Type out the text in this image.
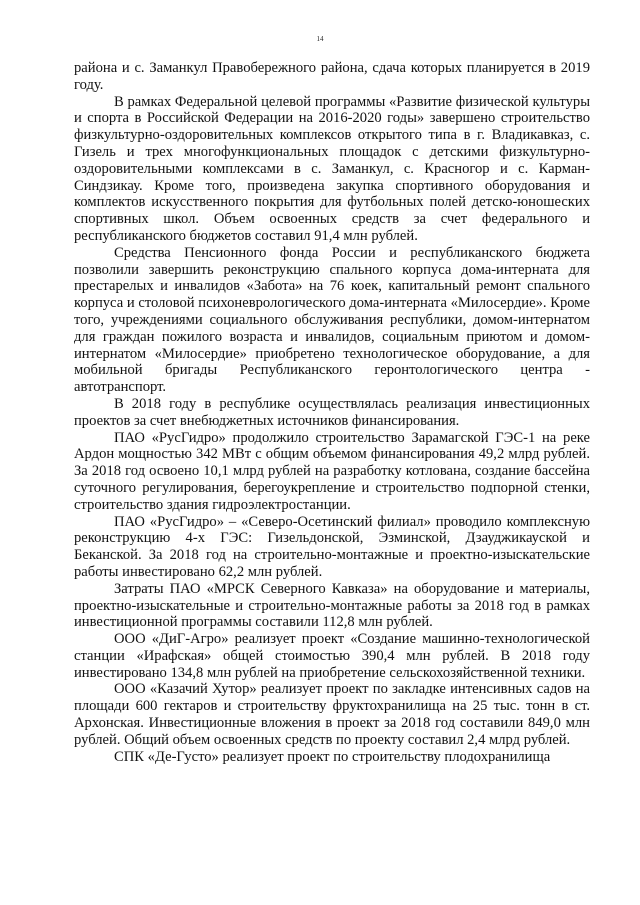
14

района и с. Заманкул Правобережного района, сдача которых планируется в 2019 году.

В рамках Федеральной целевой программы «Развитие физической культуры и спорта в Российской Федерации на 2016-2020 годы» завершено строительство физкультурно-оздоровительных комплексов открытого типа в г. Владикавказ, с. Гизель и трех многофункциональных площадок с детскими физкультурно-оздоровительными комплексами в с. Заманкул, с. Красногор и с. Карман-Синдзикау. Кроме того, произведена закупка спортивного оборудования и комплектов искусственного покрытия для футбольных полей детско-юношеских спортивных школ. Объем освоенных средств за счет федерального и республиканского бюджетов составил 91,4 млн рублей.

Средства Пенсионного фонда России и республиканского бюджета позволили завершить реконструкцию спального корпуса дома-интерната для престарелых и инвалидов «Забота» на 76 коек, капитальный ремонт спального корпуса и столовой психоневрологического дома-интерната «Милосердие». Кроме того, учреждениями социального обслуживания республики, домом-интернатом для граждан пожилого возраста и инвалидов, социальным приютом и домом-интернатом «Милосердие» приобретено технологическое оборудование, а для мобильной бригады Республиканского геронтологического центра - автотранспорт.

В 2018 году в республике осуществлялась реализация инвестиционных проектов за счет внебюджетных источников финансирования.

ПАО «РусГидро» продолжило строительство Зарамагской ГЭС-1 на реке Ардон мощностью 342 МВт с общим объемом финансирования 49,2 млрд рублей. За 2018 год освоено 10,1 млрд рублей на разработку котлована, создание бассейна суточного регулирования, берегоукрепление и строительство подпорной стенки, строительство здания гидроэлектростанции.

ПАО «РусГидро» – «Северо-Осетинский филиал» проводило комплексную реконструкцию 4-х ГЭС: Гизельдонской, Эзминской, Дзауджикауской и Беканской. За 2018 год на строительно-монтажные и проектно-изыскательские работы инвестировано 62,2 млн рублей.

Затраты ПАО «МРСК Северного Кавказа» на оборудование и материалы, проектно-изыскательные и строительно-монтажные работы за 2018 год в рамках инвестиционной программы составили 112,8 млн рублей.

ООО «ДиГ-Агро» реализует проект «Создание машинно-технологической станции «Ирафская» общей стоимостью 390,4 млн рублей. В 2018 году инвестировано 134,8 млн рублей на приобретение сельскохозяйственной техники.

ООО «Казачий Хутор» реализует проект по закладке интенсивных садов на площади 600 гектаров и строительству фруктохранилища на 25 тыс. тонн в ст. Архонская. Инвестиционные вложения в проект за 2018 год составили 849,0 млн рублей. Общий объем освоенных средств по проекту составил 2,4 млрд рублей.

СПК «Де-Густо» реализует проект по строительству плодохранилища
